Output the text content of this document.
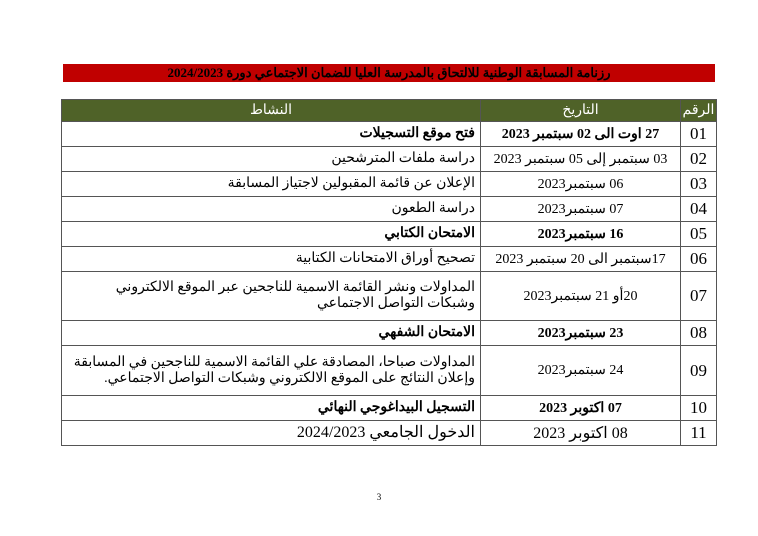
رزنامة المسابقة الوطنية للالتحاق بالمدرسة العليا للضمان الاجتماعي دورة 2024/2023
الرقم	التاريخ	النشاط
01	27 اوت الى 02 سبتمبر 2023	فتح موقع التسجيلات
02	03 سبتمبر إلى 05 سبتمبر 2023	دراسة ملفات المترشحين
03	06 سبتمبر2023	الإعلان عن قائمة المقبولين لاجتياز المسابقة
04	07 سبتمبر2023	دراسة الطعون
05	16 سبتمبر2023	الامتحان الكتابي
06	17سبتمبر الى 20 سبتمبر 2023	تصحيح أوراق الامتحانات الكتابية
07	20أو 21 سبتمبر2023	المداولات ونشر القائمة الاسمية للناجحين عبر الموقع الالكتروني وشبكات التواصل الاجتماعي
08	23 سبتمبر2023	الامتحان الشفهي
09	24 سبتمبر2023	المداولات صباحا، المصادقة علي القائمة الاسمية للناجحين في المسابقة وإعلان النتائج على الموقع الالكتروني وشبكات التواصل الاجتماعي.
10	07 اكتوبر 2023	التسجيل البيداغوجي النهائي
11	08 اكتوبر 2023	الدخول الجامعي 2024/2023
3
